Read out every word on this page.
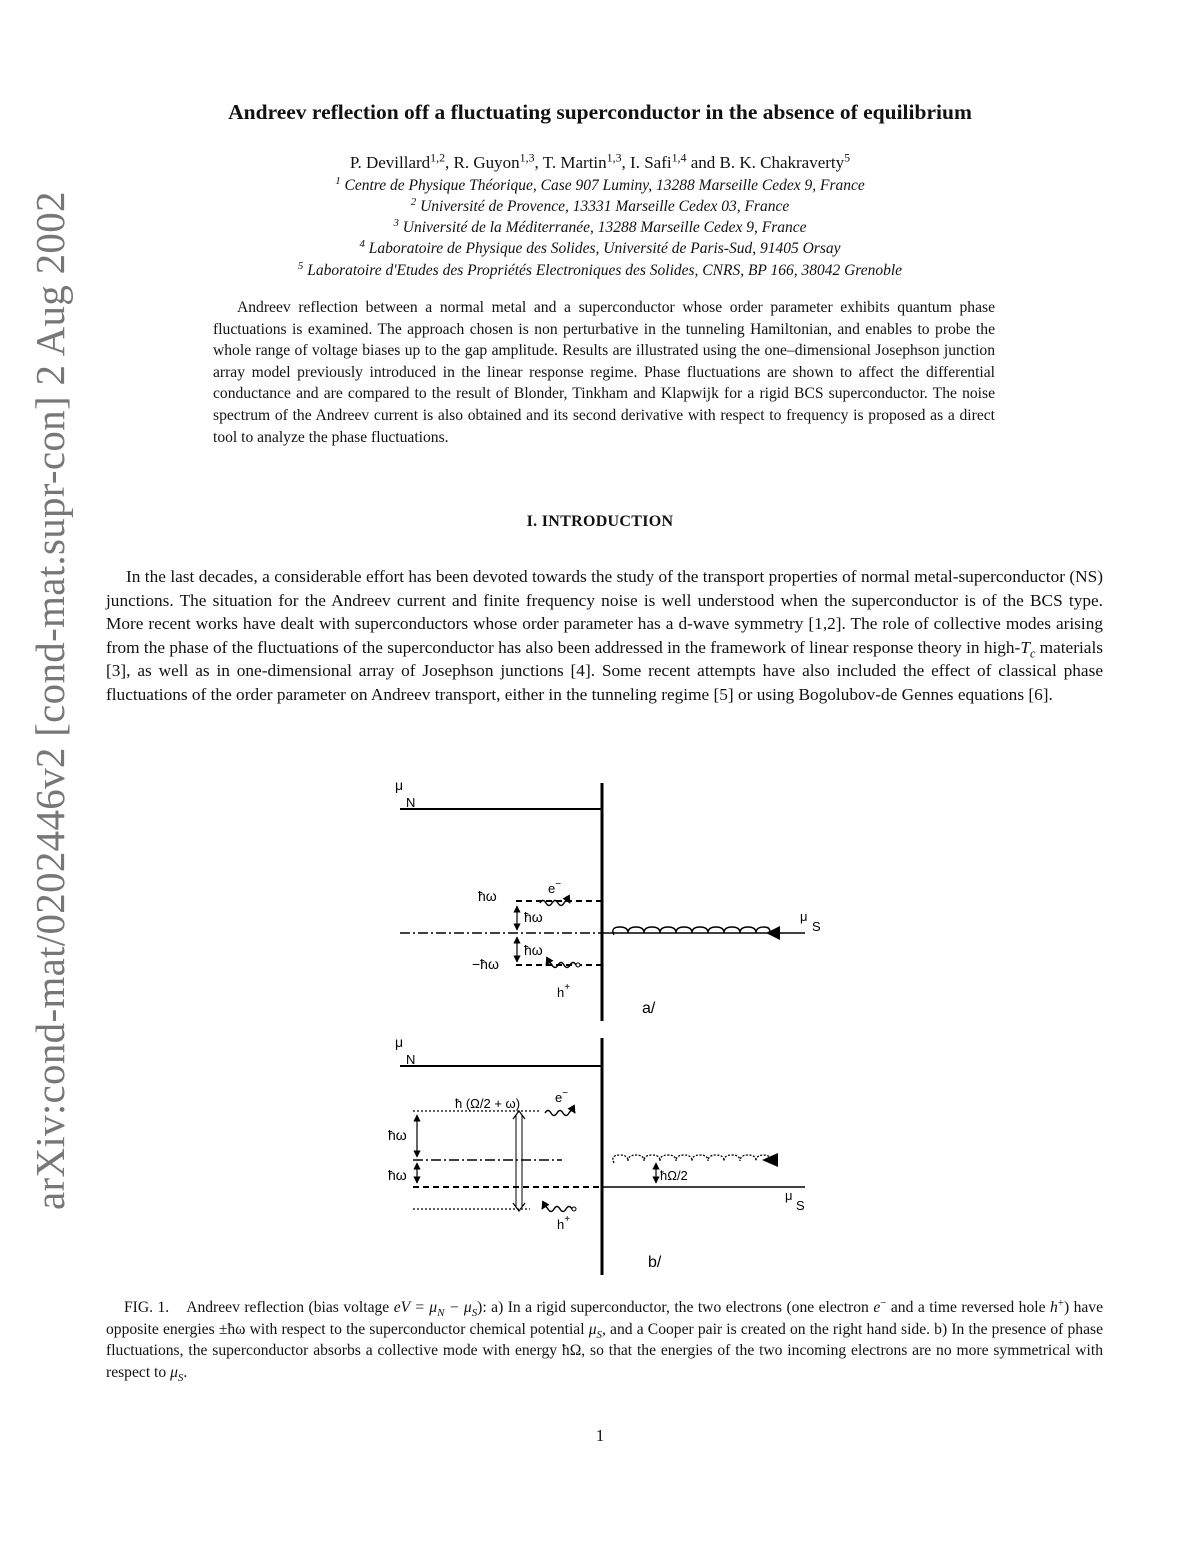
arXiv:cond-mat/0202446v2 [cond-mat.supr-con] 2 Aug 2002
Andreev reflection off a fluctuating superconductor in the absence of equilibrium
P. Devillard$^{1,2}$, R. Guyon$^{1,3}$, T. Martin$^{1,3}$, I. Safi$^{1,4}$ and B. K. Chakraverty$^5$
$^1$ Centre de Physique Théorique, Case 907 Luminy, 13288 Marseille Cedex 9, France
$^2$ Université de Provence, 13331 Marseille Cedex 03, France
$^3$ Université de la Méditerranée, 13288 Marseille Cedex 9, France
$^4$ Laboratoire de Physique des Solides, Université de Paris-Sud, 91405 Orsay
$^5$ Laboratoire d'Etudes des Propriétés Electroniques des Solides, CNRS, BP 166, 38042 Grenoble

Andreev reflection between a normal metal and a superconductor whose order parameter exhibits quantum phase fluctuations is examined. The approach chosen is non perturbative in the tunneling Hamiltonian, and enables to probe the whole range of voltage biases up to the gap amplitude. Results are illustrated using the one–dimensional Josephson junction array model previously introduced in the linear response regime. Phase fluctuations are shown to affect the differential conductance and are compared to the result of Blonder, Tinkham and Klapwijk for a rigid BCS superconductor. The noise spectrum of the Andreev current is also obtained and its second derivative with respect to frequency is proposed as a direct tool to analyze the phase fluctuations.

I. INTRODUCTION

In the last decades, a considerable effort has been devoted towards the study of the transport properties of normal metal-superconductor (NS) junctions. The situation for the Andreev current and finite frequency noise is well understood when the superconductor is of the BCS type. More recent works have dealt with superconductors whose order parameter has a d-wave symmetry [1,2]. The role of collective modes arising from the phase of the fluctuations of the superconductor has also been addressed in the framework of linear response theory in high-$T_c$ materials [3], as well as in one-dimensional array of Josephson junctions [4]. Some recent attempts have also included the effect of classical phase fluctuations of the order parameter on Andreev transport, either in the tunneling regime [5] or using Bogolubov-de Gennes equations [6].

μ
N
ħω	e−
ħω	μ
S
ħω
−ħω
h+
a/
μ
N
ħ (Ω/2 + ω)	e−
ħω
ħω
μ
S
ħΩ/2
h+
b/

FIG. 1. Andreev reflection (bias voltage eV = $\mu_N - \mu_S$): a) In a rigid superconductor, the two electrons (one electron e− and a time reversed hole h+) have opposite energies ±ħω with respect to the superconductor chemical potential $\mu_S$, and a Cooper pair is created on the right hand side. b) In the presence of phase fluctuations, the superconductor absorbs a collective mode with energy ħΩ, so that the energies of the two incoming electrons are no more symmetrical with respect to $\mu_S$.

1
